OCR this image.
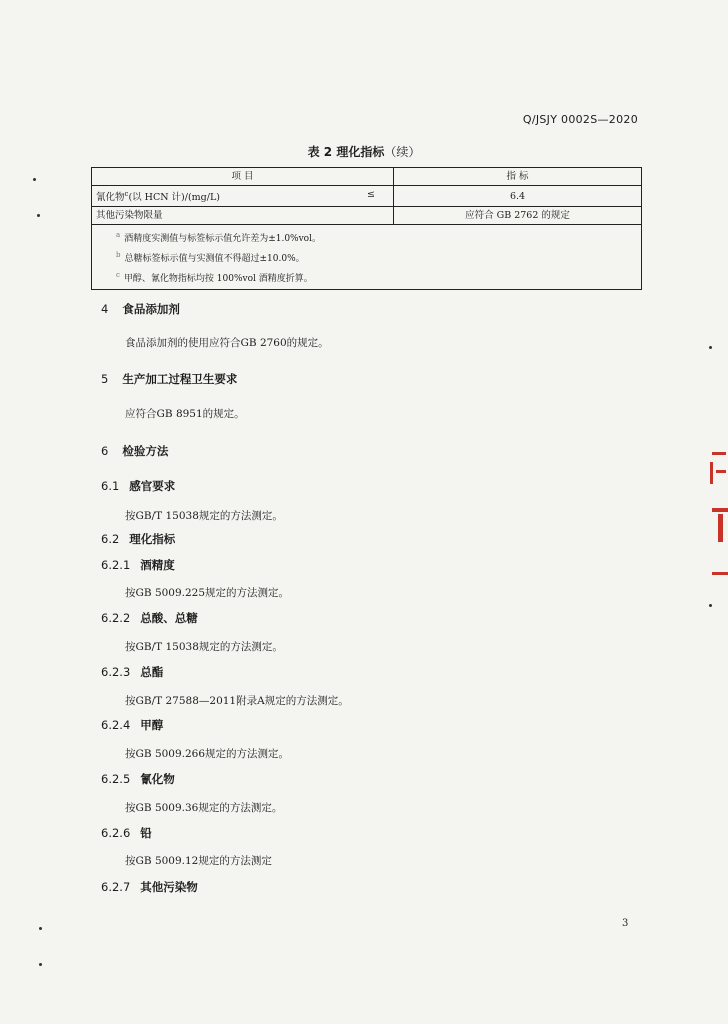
Q/JSJY 0002S—2020
表 2 理化指标（续）
项 目	指 标
氰化物$^c$(以 HCN 计)/(mg/L) ≤	6.4
其他污染物限量	应符合 GB 2762 的规定

$^a$ 酒精度实测值与标签标示值允许差为±1.0%vol。
$^b$ 总糖标签标示值与实测值不得超过±10.0%。
$^c$ 甲醇、氰化物指标均按 100%vol 酒精度折算。	
4 食品添加剂
食品添加剂的使用应符合GB 2760的规定。
5 生产加工过程卫生要求
应符合GB 8951的规定。
6 检验方法
6.1 感官要求
按GB/T 15038规定的方法测定。
6.2 理化指标
6.2.1 酒精度
按GB 5009.225规定的方法测定。
6.2.2 总酸、总糖
按GB/T 15038规定的方法测定。
6.2.3 总酯
按GB/T 27588—2011附录A规定的方法测定。
6.2.4 甲醇
按GB 5009.266规定的方法测定。
6.2.5 氰化物
按GB 5009.36规定的方法测定。
6.2.6 铅
按GB 5009.12规定的方法测定
6.2.7 其他污染物
3
